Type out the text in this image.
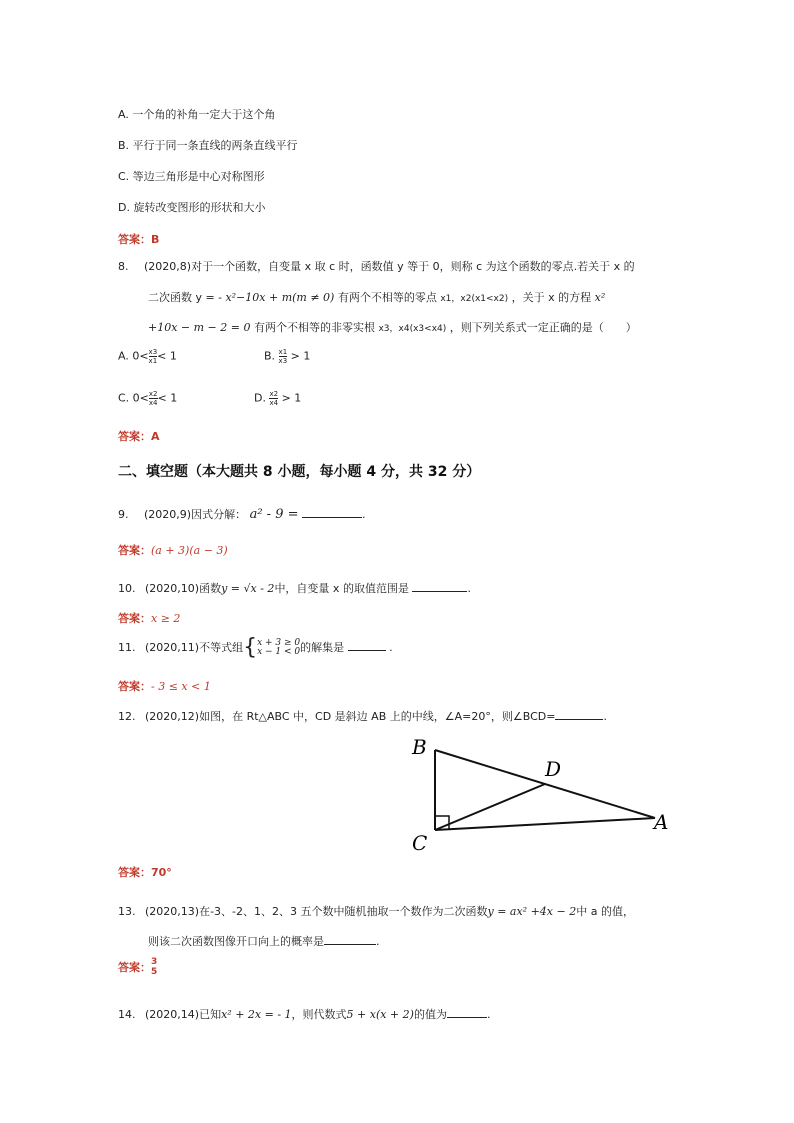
A. 一个角的补角一定大于这个角
B. 平行于同一条直线的两条直线平行
C. 等边三角形是中心对称图形
D. 旋转改变图形的形状和大小
答案：B
8. (2020,8)对于一个函数，自变量 x 取 c 时，函数值 y 等于 0，则称 c 为这个函数的零点.若关于 x 的
二次函数 y = - x²−10x + m(m ≠ 0) 有两个不相等的零点 x1，x2(x1<x2) ，关于 x 的方程 x²
+10x − m − 2 = 0 有两个不相等的非零实根 x3，x4(x3<x4) ，则下列关系式一定正确的是（　　）
A. $0< \frac{x3}{x1} < 1$	B. $\frac{x1}{x3} > 1$
C. $0< \frac{x2}{x4} < 1$	D. $\frac{x2}{x4} > 1$
答案：A
二、填空题（本大题共 8 小题，每小题 4 分，共 32 分）
9. (2020,9)因式分解： a² - 9 =	.
答案：(a + 3)(a − 3)
10. (2020,10)函数y = √x - 2中，自变量 x 的取值范围是	.
答案：x ≥ 2
11. (2020,11)不等式组{ x + 3 ≥ 0
x − 1 < 0 的解集是	.
答案：- 3 ≤ x < 1
12. (2020,12)如图，在 Rt△ABC 中，CD 是斜边 AB 上的中线，∠A=20°，则∠BCD=	.
B
D
C
A
答案：70°
13. (2020,13)在-3、-2、1、2、3 五个数中随机抽取一个数作为二次函数y = ax² +4x − 2中 a 的值，
则该二次函数图像开口向上的概率是	.
答案： 3
5
14. (2020,14)已知x² + 2x = - 1，则代数式5 + x(x + 2)的值为	.
